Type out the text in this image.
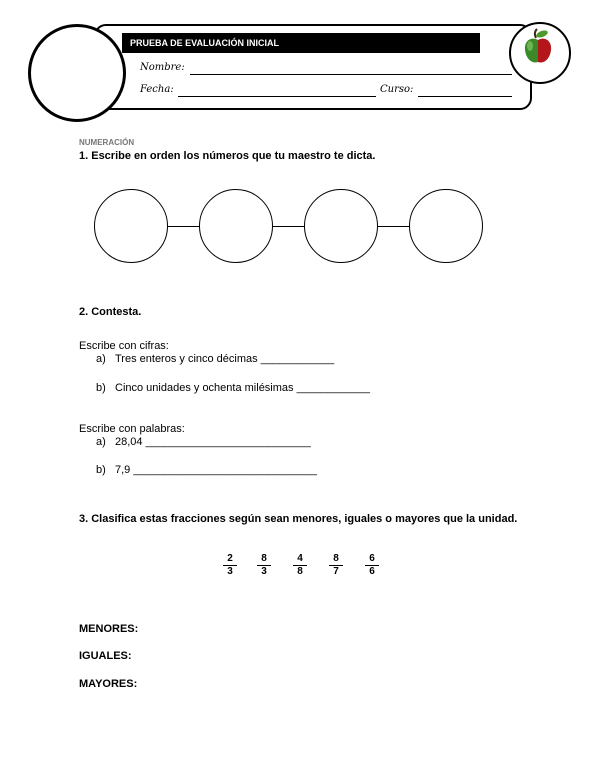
PRUEBA DE EVALUACIÓN INICIAL
Nombre:
Fecha:	Curso:
NUMERACIÓN
1. Escribe en orden los números que tu maestro te dicta.
2. Contesta.
Escribe con cifras:
a) Tres enteros y cinco décimas ____________
b) Cinco unidades y ochenta milésimas ____________
Escribe con palabras:
a) 28,04 ___________________________
b) 7,9 ______________________________
3. Clasifica estas fracciones según sean menores, iguales o mayores que la unidad.
$\frac{2}{3} \frac{8}{3} \frac{4}{8} \frac{8}{7} \frac{6}{6}$
MENORES:
IGUALES:
MAYORES:
